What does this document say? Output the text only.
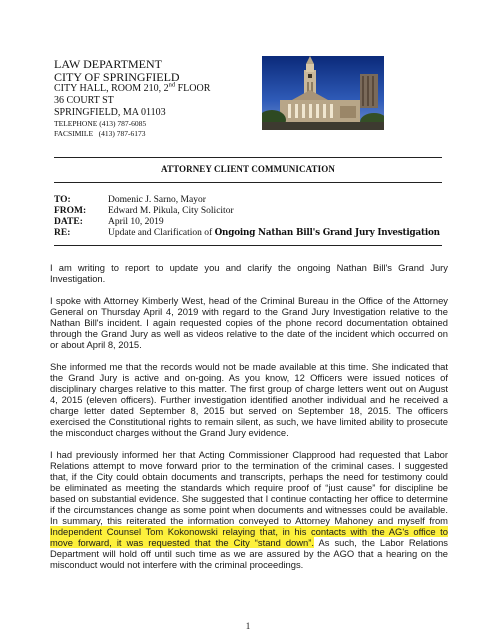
LAW DEPARTMENT
CITY OF SPRINGFIELD
CITY HALL, ROOM 210, 2nd FLOOR
36 COURT ST
SPRINGFIELD, MA 01103
TELEPHONE (413) 787-6085
FACSIMILE   (413) 787-6173
ATTORNEY CLIENT COMMUNICATION
TO:	Domenic J. Sarno, Mayor
FROM:	Edward M. Pikula, City Solicitor
DATE:	April 10, 2019
RE:	Update and Clarification of Ongoing Nathan Bill's Grand Jury Investigation

I am writing to report to update you and clarify the ongoing Nathan Bill's Grand Jury Investigation.

I spoke with Attorney Kimberly West, head of the Criminal Bureau in the Office of the Attorney General on Thursday April 4, 2019 with regard to the Grand Jury Investigation relative to the Nathan Bill's incident. I again requested copies of the phone record documentation obtained through the Grand Jury as well as videos relative to the date of the incident which occurred on or about April 8, 2015.

She informed me that the records would not be made available at this time. She indicated that the Grand Jury is active and on-going. As you know, 12 Officers were issued notices of disciplinary charges relative to this matter. The first group of charge letters went out on August 4, 2015 (eleven officers). Further investigation identified another individual and he received a charge letter dated September 8, 2015 but served on September 18, 2015. The officers exercised the Constitutional rights to remain silent, as such, we have limited ability to prosecute the misconduct charges without the Grand Jury evidence.

I had previously informed her that Acting Commissioner Clapprood had requested that Labor Relations attempt to move forward prior to the termination of the criminal cases. I suggested that, if the City could obtain documents and transcripts, perhaps the need for testimony could be eliminated as meeting the standards which require proof of “just cause” for discipline be based on substantial evidence. She suggested that I continue contacting her office to determine if the circumstances change as some point when documents and witnesses could be available. In summary, this reiterated the information conveyed to Attorney Mahoney and myself from Independent Counsel Tom Kokonowski relaying that, in his contacts with the AG's office to move forward, it was requested that the City “stand down”. As such, the Labor Relations Department will hold off until such time as we are assured by the AGO that a hearing on the misconduct would not interfere with the criminal proceedings.

1
